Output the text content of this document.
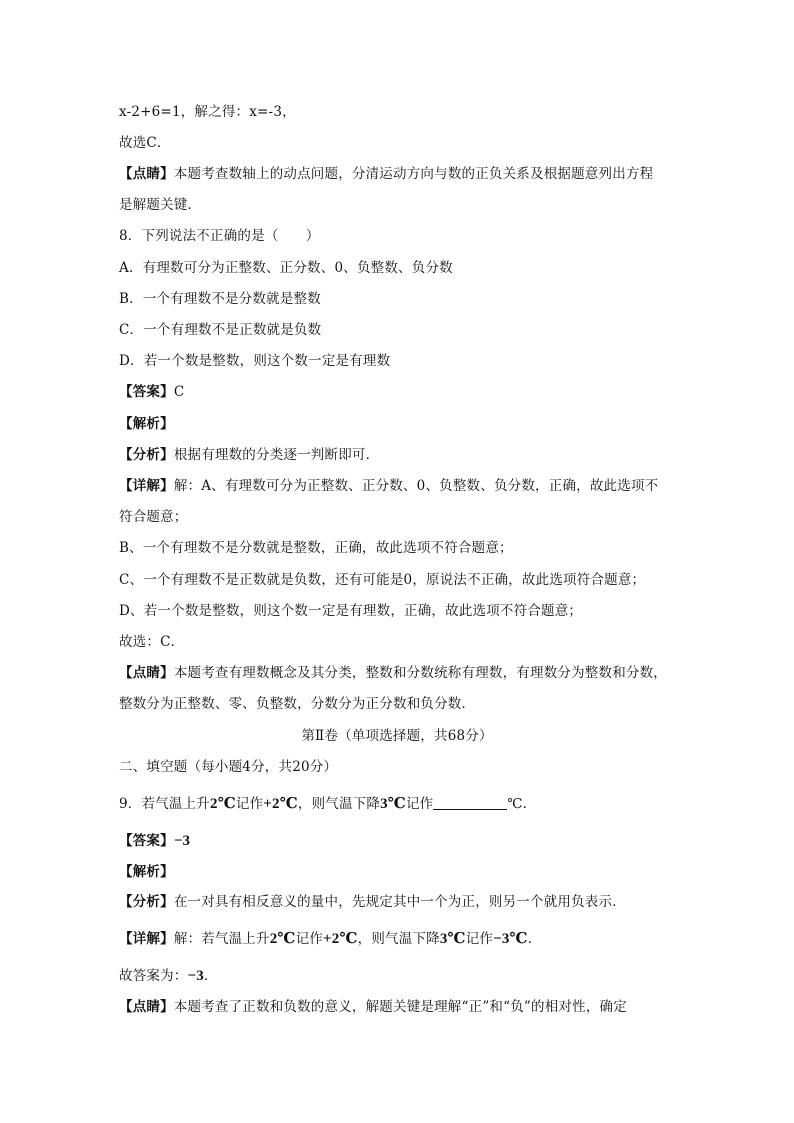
x-2+6=1，解之得：x=-3，
故选C．
【点睛】本题考查数轴上的动点问题，分清运动方向与数的正负关系及根据题意列出方程
是解题关键．
8．下列说法不正确的是（　　）
A．有理数可分为正整数、正分数、0、负整数、负分数
B．一个有理数不是分数就是整数
C．一个有理数不是正数就是负数
D．若一个数是整数，则这个数一定是有理数
【答案】C
【解析】
【分析】根据有理数的分类逐一判断即可．
【详解】解：A、有理数可分为正整数、正分数、0、负整数、负分数，正确，故此选项不
符合题意；
B、一个有理数不是分数就是整数，正确，故此选项不符合题意；
C、一个有理数不是正数就是负数，还有可能是0，原说法不正确，故此选项符合题意；
D、若一个数是整数，则这个数一定是有理数，正确，故此选项不符合题意；
故选：C．
【点睛】本题考查有理数概念及其分类，整数和分数统称有理数，有理数分为整数和分数，
整数分为正整数、零、负整数，分数分为正分数和负分数．
第Ⅱ卷（单项选择题，共68分）
二、填空题（每小题4分，共20分）
9．若气温上升2℃记作+2℃，则气温下降3℃记作	℃．
【答案】−3
【解析】
【分析】在一对具有相反意义的量中，先规定其中一个为正，则另一个就用负表示．
【详解】解：若气温上升2℃记作+2℃，则气温下降3℃记作−3℃．
故答案为：−3．
【点睛】本题考查了正数和负数的意义，解题关键是理解“正”和“负”的相对性，确定
